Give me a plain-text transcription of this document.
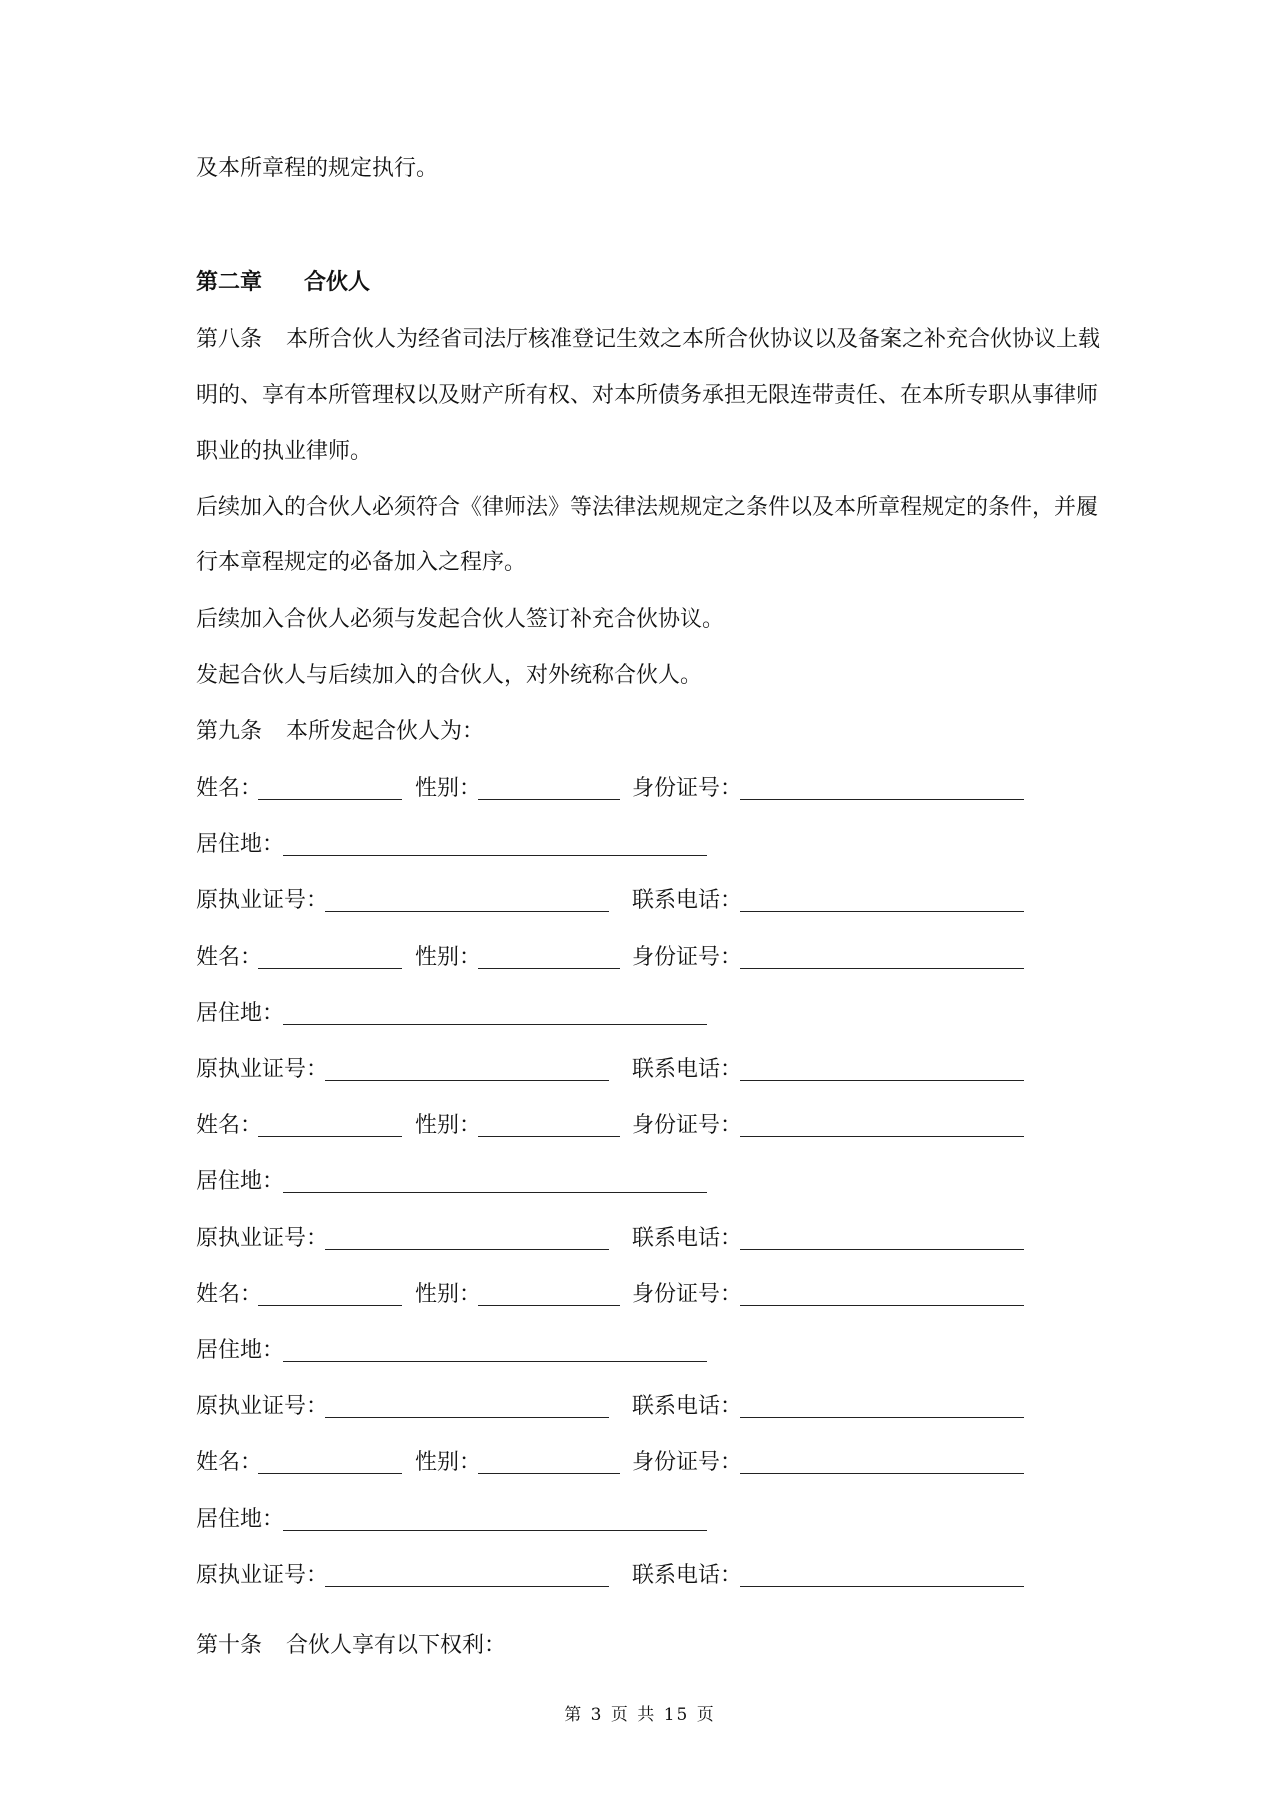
及本所章程的规定执行。
第二章 合伙人
第八条 本所合伙人为经省司法厅核准登记生效之本所合伙协议以及备案之补充合伙协议上载
明的、享有本所管理权以及财产所有权、对本所债务承担无限连带责任、在本所专职从事律师
职业的执业律师。
后续加入的合伙人必须符合《律师法》等法律法规规定之条件以及本所章程规定的条件，并履
行本章程规定的必备加入之程序。
后续加入合伙人必须与发起合伙人签订补充合伙协议。
发起合伙人与后续加入的合伙人，对外统称合伙人。
第九条 本所发起合伙人为：
姓名：	性别：	身份证号：
居住地：
原执业证号：	联系电话：
姓名：	性别：	身份证号：
居住地：
原执业证号：	联系电话：
姓名：	性别：	身份证号：
居住地：
原执业证号：	联系电话：
姓名：	性别：	身份证号：
居住地：
原执业证号：	联系电话：
姓名：	性别：	身份证号：
居住地：
原执业证号：	联系电话：
第十条 合伙人享有以下权利：
第 3 页 共 15 页
